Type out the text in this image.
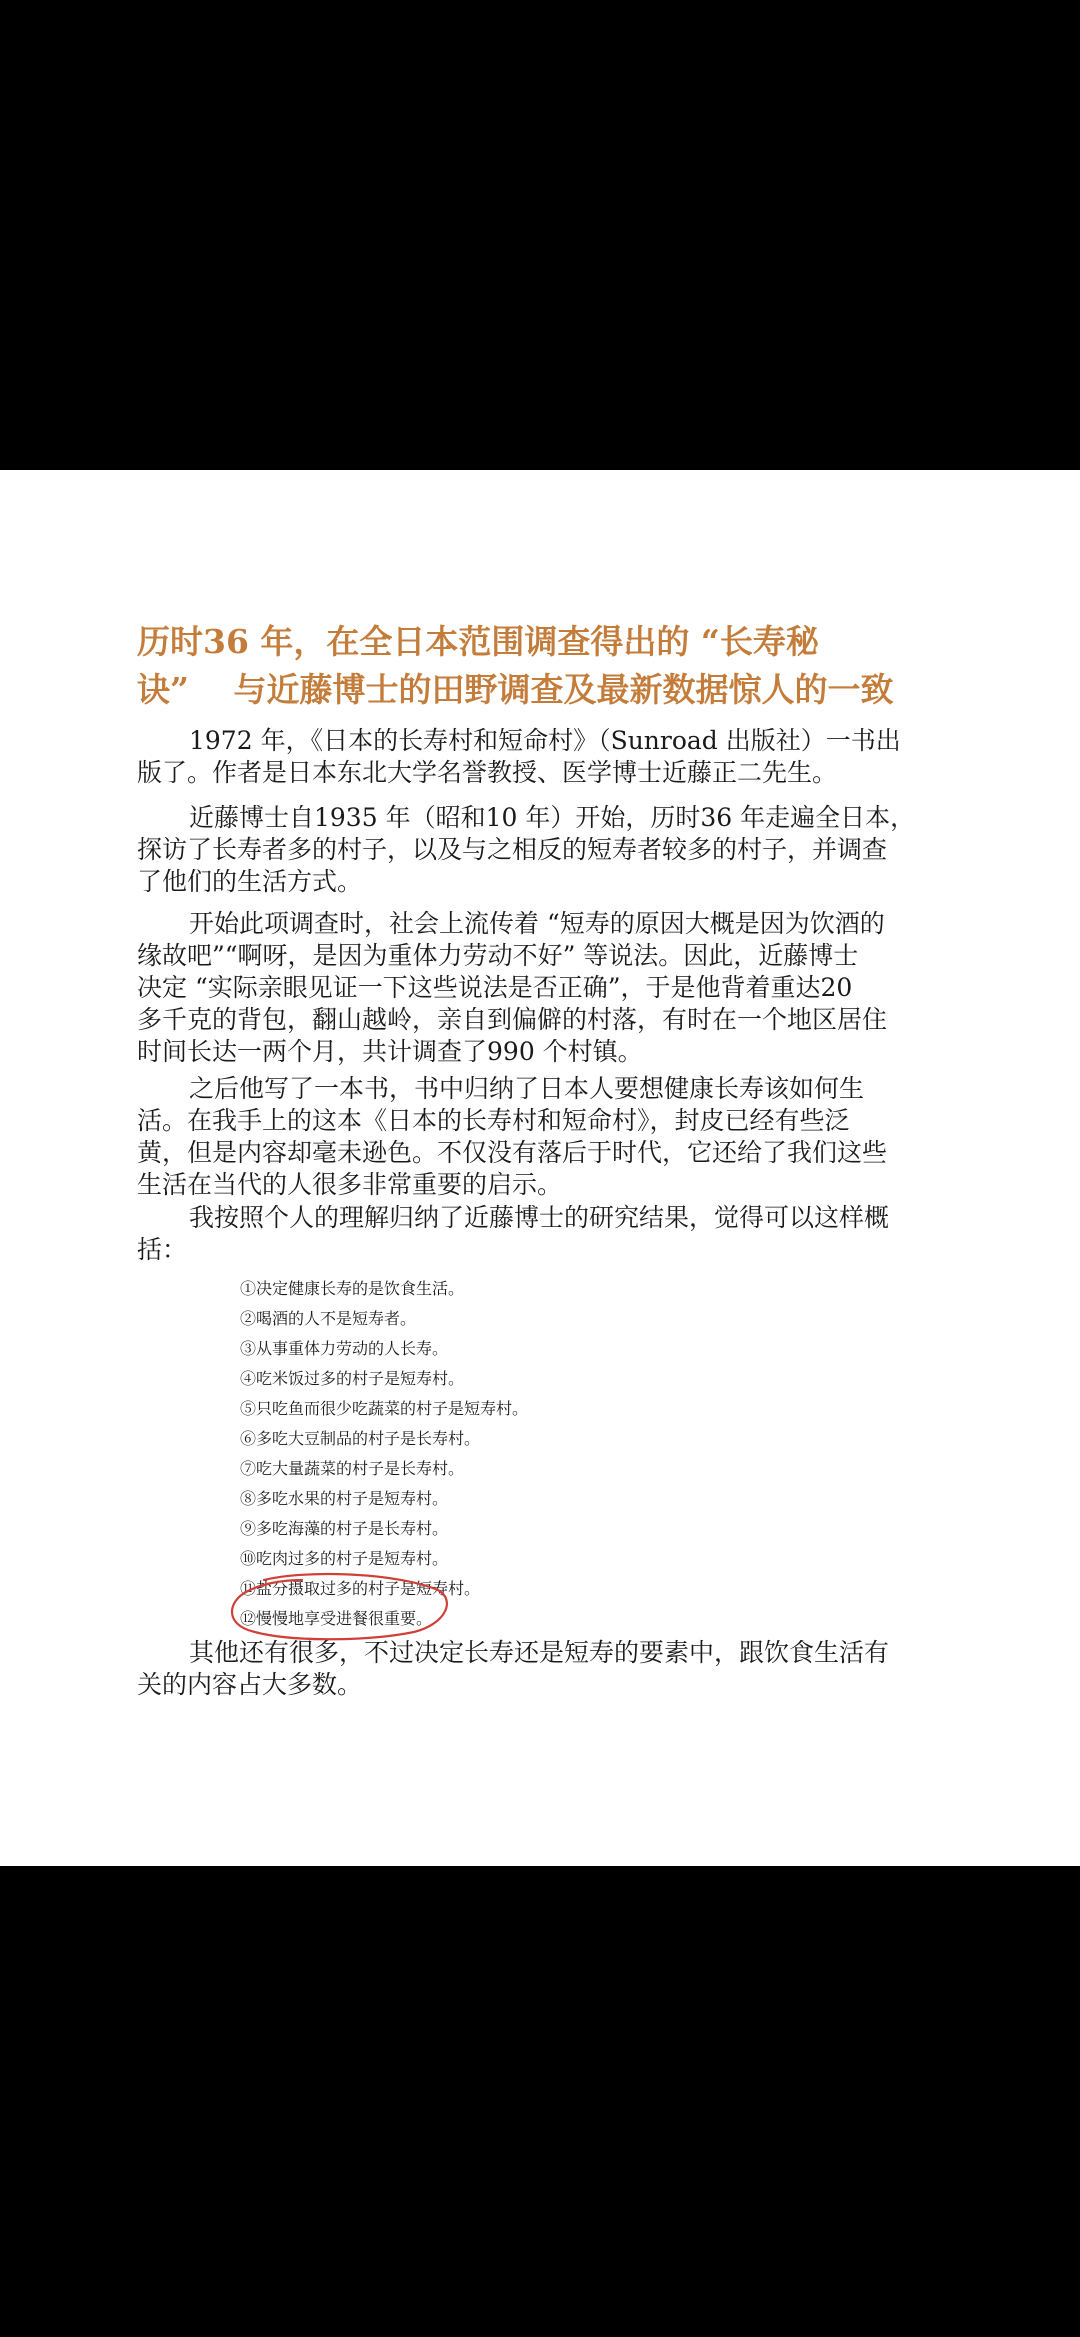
历时36 年，在全日本范围调查得出的 “长寿秘
诀”　 与近藤博士的田野调查及最新数据惊人的一致

1972 年，《日本的长寿村和短命村》（Sunroad 出版社）一书出
版了。作者是日本东北大学名誉教授、医学博士近藤正二先生。

近藤博士自1935 年（昭和10 年）开始，历时36 年走遍全日本，
探访了长寿者多的村子，以及与之相反的短寿者较多的村子，并调查
了他们的生活方式。

开始此项调查时，社会上流传着 “短寿的原因大概是因为饮酒的
缘故吧”“啊呀，是因为重体力劳动不好” 等说法。因此，近藤博士
决定 “实际亲眼见证一下这些说法是否正确”，于是他背着重达20
多千克的背包，翻山越岭，亲自到偏僻的村落，有时在一个地区居住
时间长达一两个月，共计调查了990 个村镇。

之后他写了一本书，书中归纳了日本人要想健康长寿该如何生
活。在我手上的这本《日本的长寿村和短命村》，封皮已经有些泛
黄，但是内容却毫未逊色。不仅没有落后于时代，它还给了我们这些
生活在当代的人很多非常重要的启示。

我按照个人的理解归纳了近藤博士的研究结果，觉得可以这样概
括：

①决定健康长寿的是饮食生活。
②喝酒的人不是短寿者。
③从事重体力劳动的人长寿。
④吃米饭过多的村子是短寿村。
⑤只吃鱼而很少吃蔬菜的村子是短寿村。
⑥多吃大豆制品的村子是长寿村。
⑦吃大量蔬菜的村子是长寿村。
⑧多吃水果的村子是短寿村。
⑨多吃海藻的村子是长寿村。
⑩吃肉过多的村子是短寿村。
⑪盐分摄取过多的村子是短寿村。
⑫慢慢地享受进餐很重要。

其他还有很多，不过决定长寿还是短寿的要素中，跟饮食生活有
关的内容占大多数。
